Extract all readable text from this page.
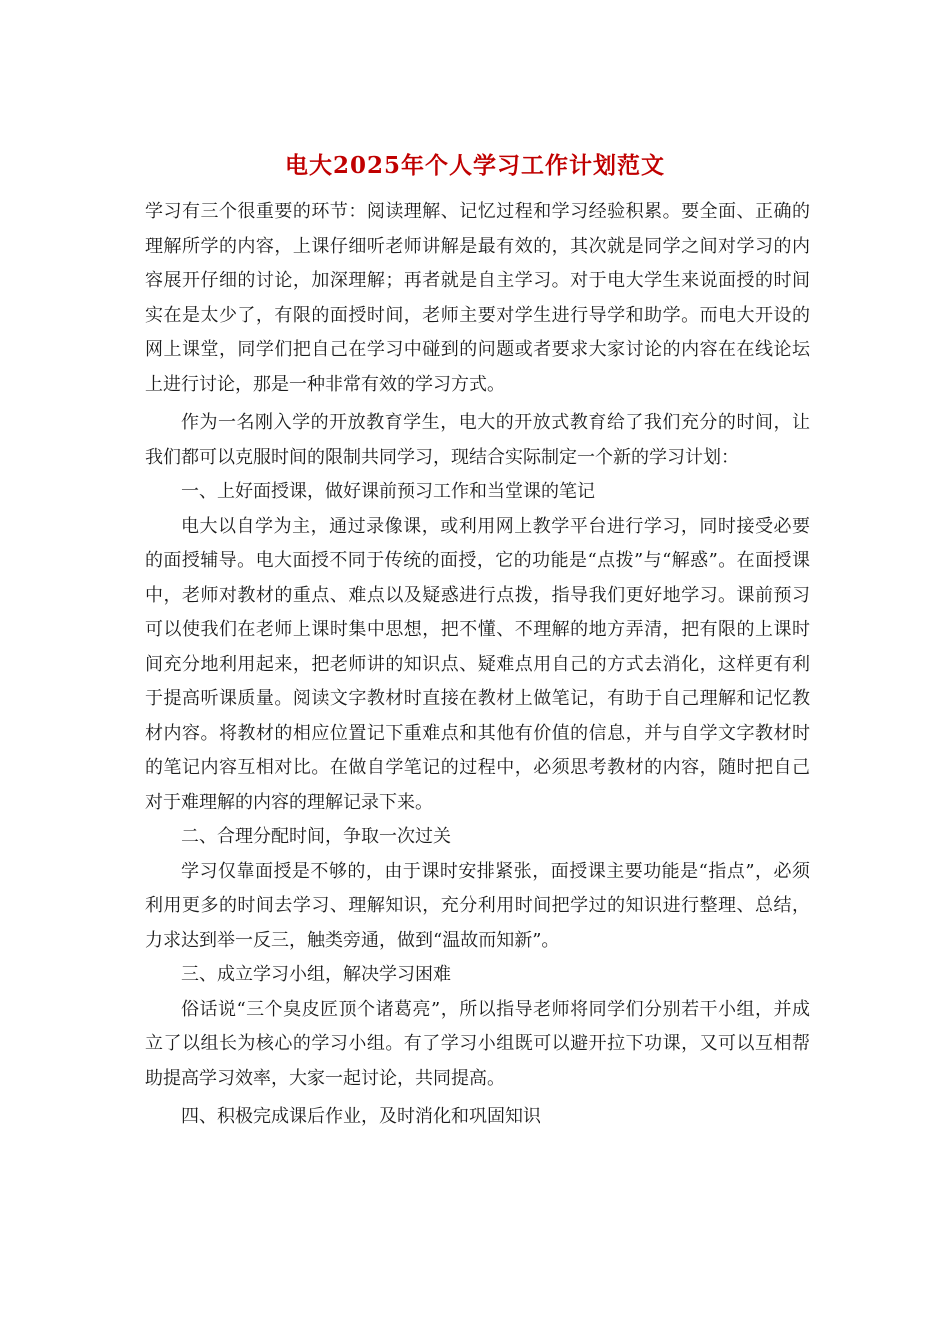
电大2025年个人学习工作计划范文

学习有三个很重要的环节：阅读理解、记忆过程和学习经验积累。要全面、正确的理解所学的内容，上课仔细听老师讲解是最有效的，其次就是同学之间对学习的内容展开仔细的讨论，加深理解；再者就是自主学习。对于电大学生来说面授的时间实在是太少了，有限的面授时间，老师主要对学生进行导学和助学。而电大开设的网上课堂，同学们把自己在学习中碰到的问题或者要求大家讨论的内容在在线论坛上进行讨论，那是一种非常有效的学习方式。

作为一名刚入学的开放教育学生，电大的开放式教育给了我们充分的时间，让我们都可以克服时间的限制共同学习，现结合实际制定一个新的学习计划：

一、上好面授课，做好课前预习工作和当堂课的笔记

电大以自学为主，通过录像课，或利用网上教学平台进行学习，同时接受必要的面授辅导。电大面授不同于传统的面授，它的功能是“点拨”与“解惑”。在面授课中，老师对教材的重点、难点以及疑惑进行点拨，指导我们更好地学习。课前预习可以使我们在老师上课时集中思想，把不懂、不理解的地方弄清，把有限的上课时间充分地利用起来，把老师讲的知识点、疑难点用自己的方式去消化，这样更有利于提高听课质量。阅读文字教材时直接在教材上做笔记，有助于自己理解和记忆教材内容。将教材的相应位置记下重难点和其他有价值的信息，并与自学文字教材时的笔记内容互相对比。在做自学笔记的过程中，必须思考教材的内容，随时把自己对于难理解的内容的理解记录下来。

二、合理分配时间，争取一次过关

学习仅靠面授是不够的，由于课时安排紧张，面授课主要功能是“指点”，必须利用更多的时间去学习、理解知识，充分利用时间把学过的知识进行整理、总结，力求达到举一反三，触类旁通，做到“温故而知新”。

三、成立学习小组，解决学习困难

俗话说“三个臭皮匠顶个诸葛亮”，所以指导老师将同学们分别若干小组，并成立了以组长为核心的学习小组。有了学习小组既可以避开拉下功课，又可以互相帮助提高学习效率，大家一起讨论，共同提高。

四、积极完成课后作业，及时消化和巩固知识
